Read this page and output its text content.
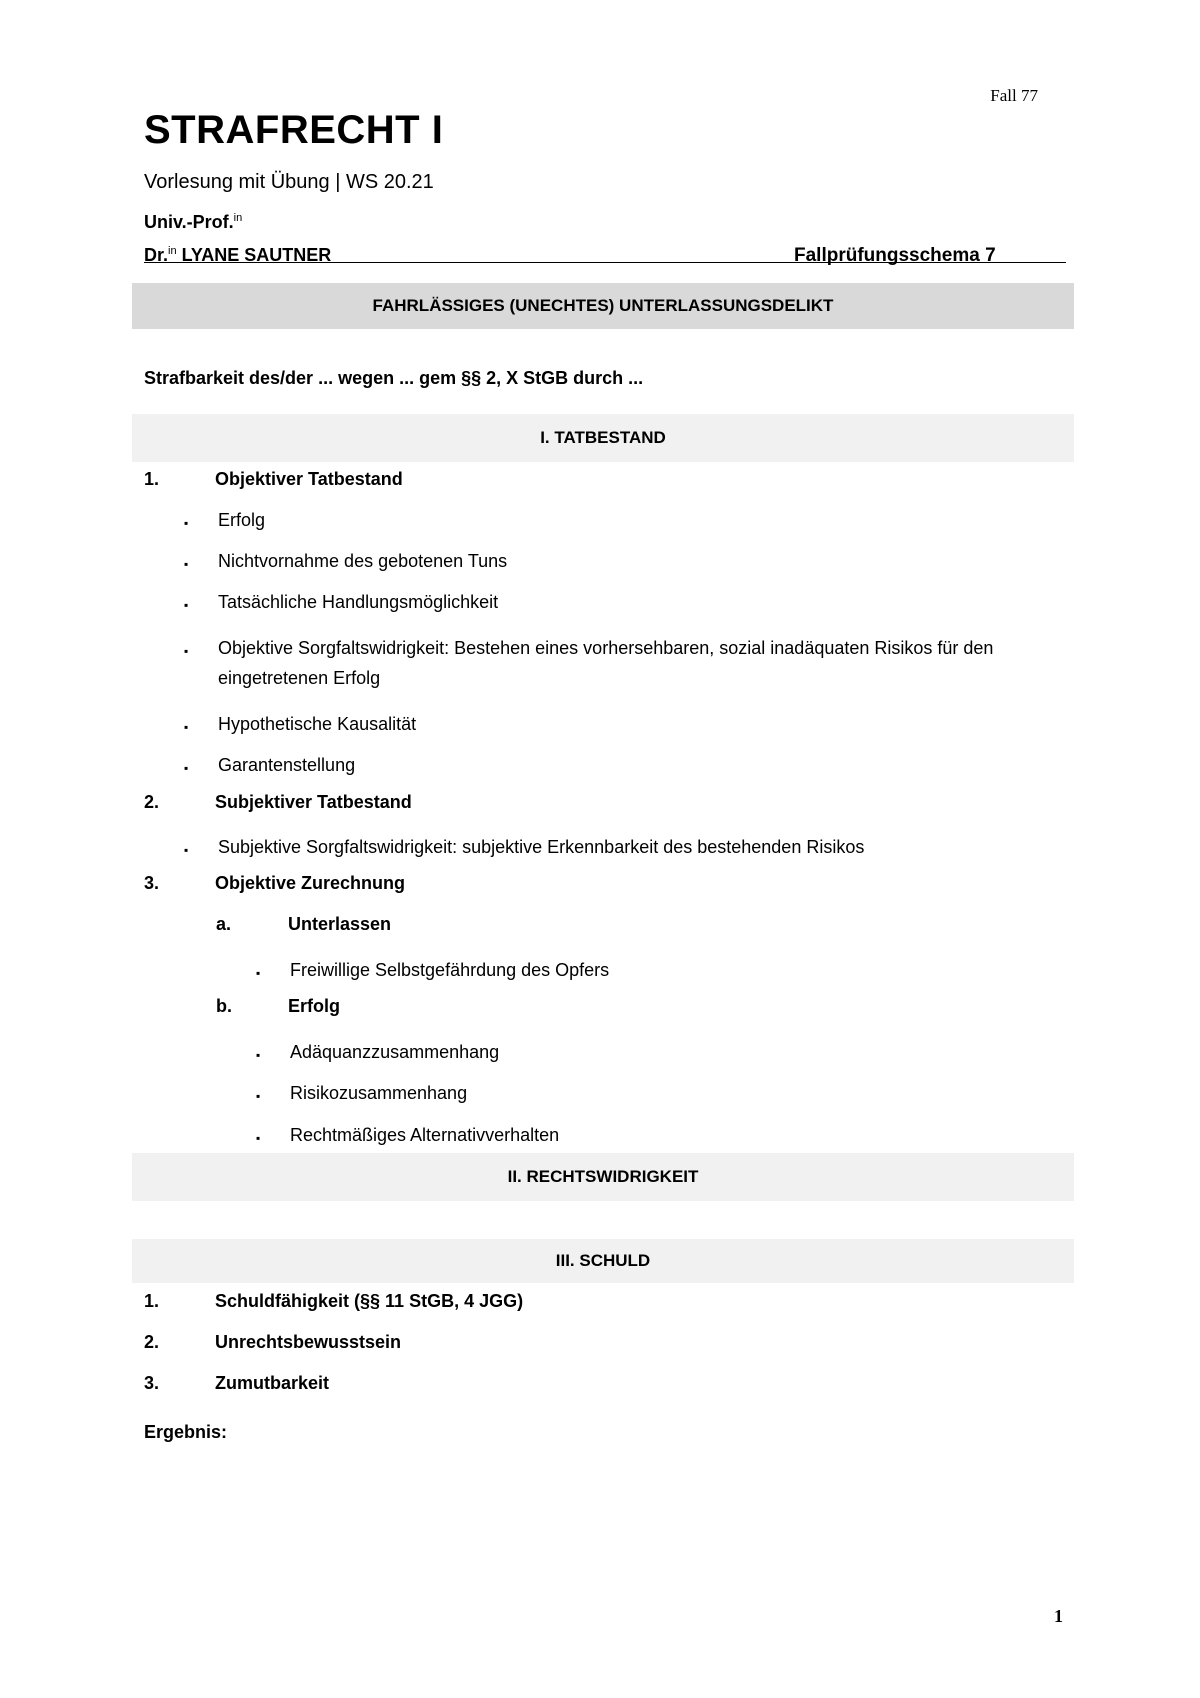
Fall 77
STRAFRECHT I
Vorlesung mit Übung | WS 20.21
Univ.-Prof.$^{in}$
Dr.$^{in}$ LYANE SAUTNER	Fallprüfungsschema 7
FAHRLÄSSIGES (UNECHTES) UNTERLASSUNGSDELIKT
Strafbarkeit des/der ... wegen ... gem §§ 2, X StGB durch ...
I. TATBESTAND
1.	Objektiver Tatbestand
▪ Erfolg
▪ Nichtvornahme des gebotenen Tuns
▪ Tatsächliche Handlungsmöglichkeit
▪ Objektive Sorgfaltswidrigkeit: Bestehen eines vorhersehbaren, sozial inadäquaten Risikos für den eingetretenen Erfolg
▪ Hypothetische Kausalität
▪ Garantenstellung
2.	Subjektiver Tatbestand
▪ Subjektive Sorgfaltswidrigkeit: subjektive Erkennbarkeit des bestehenden Risikos
3.	Objektive Zurechnung
a.	Unterlassen
▪ Freiwillige Selbstgefährdung des Opfers
b.	Erfolg
▪ Adäquanzzusammenhang
▪ Risikozusammenhang
▪ Rechtmäßiges Alternativverhalten
II. RECHTSWIDRIGKEIT
III. SCHULD
1.	Schuldfähigkeit (§§ 11 StGB, 4 JGG)
2.	Unrechtsbewusstsein
3.	Zumutbarkeit
Ergebnis:
1
